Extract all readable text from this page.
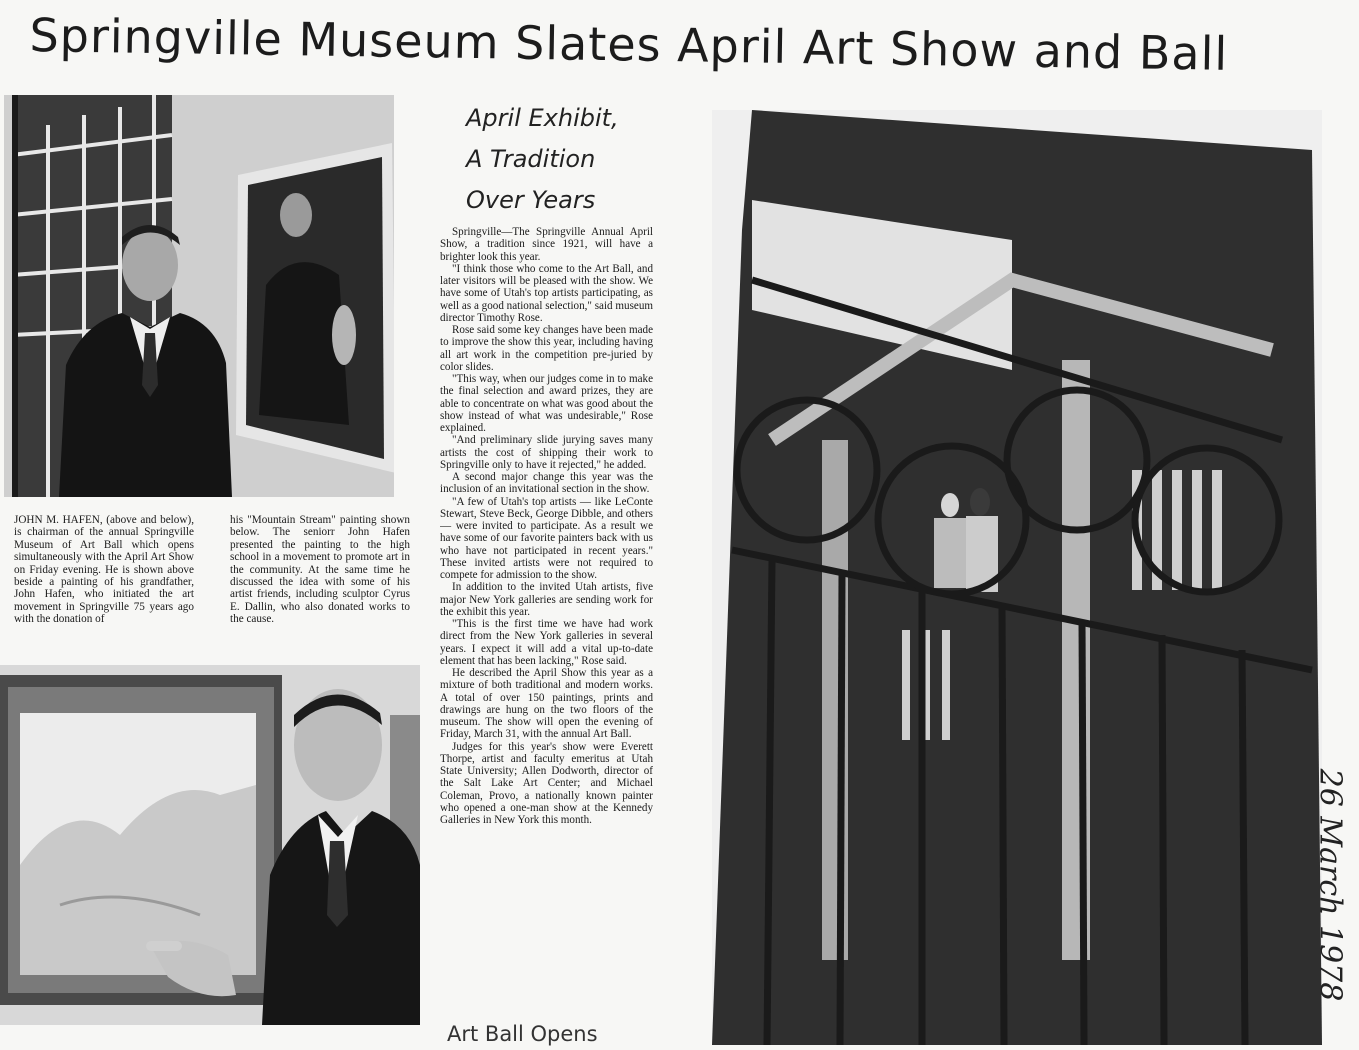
Springville Museum Slates April Art Show and Ball
JOHN M. HAFEN, (above and below), is chairman of the annual Springville Museum of Art Ball which opens simultaneously with the April Art Show on Friday evening. He is shown above beside a painting of his grandfather, John Hafen, who initiated the art movement in Springville 75 years ago with the donation of
his "Mountain Stream" painting shown below. The seniorr John Hafen presented the painting to the high school in a movement to promote art in the community. At the same time he discussed the idea with some of his artist friends, including sculptor Cyrus E. Dallin, who also donated works to the cause.
April Exhibit,
A Tradition
Over Years

Springville—The Springville Annual April Show, a tradition since 1921, will have a brighter look this year.

"I think those who come to the Art Ball, and later visitors will be pleased with the show. We have some of Utah's top artists participating, as well as a good national selection," said museum director Timothy Rose.

Rose said some key changes have been made to improve the show this year, including having all art work in the competition pre-juried by color slides.

"This way, when our judges come in to make the final selection and award prizes, they are able to concentrate on what was good about the show instead of what was undesirable," Rose explained.

"And preliminary slide jurying saves many artists the cost of shipping their work to Springville only to have it rejected," he added.

A second major change this year was the inclusion of an invitational section in the show.

"A few of Utah's top artists — like LeConte Stewart, Steve Beck, George Dibble, and others — were invited to participate. As a result we have some of our favorite painters back with us who have not participated in recent years." These invited artists were not required to compete for admission to the show.

In addition to the invited Utah artists, five major New York galleries are sending work for the exhibit this year.

"This is the first time we have had work direct from the New York galleries in several years. I expect it will add a vital up-to-date element that has been lacking," Rose said.

He described the April Show this year as a mixture of both traditional and modern works. A total of over 150 paintings, prints and drawings are hung on the two floors of the museum. The show will open the evening of Friday, March 31, with the annual Art Ball.

Judges for this year's show were Everett Thorpe, artist and faculty emeritus at Utah State University; Allen Dodworth, director of the Salt Lake Art Center; and Michael Coleman, Provo, a nationally known painter who opened a one-man show at the Kennedy Galleries in New York this month.

Art Ball Opens
26 March 1978
